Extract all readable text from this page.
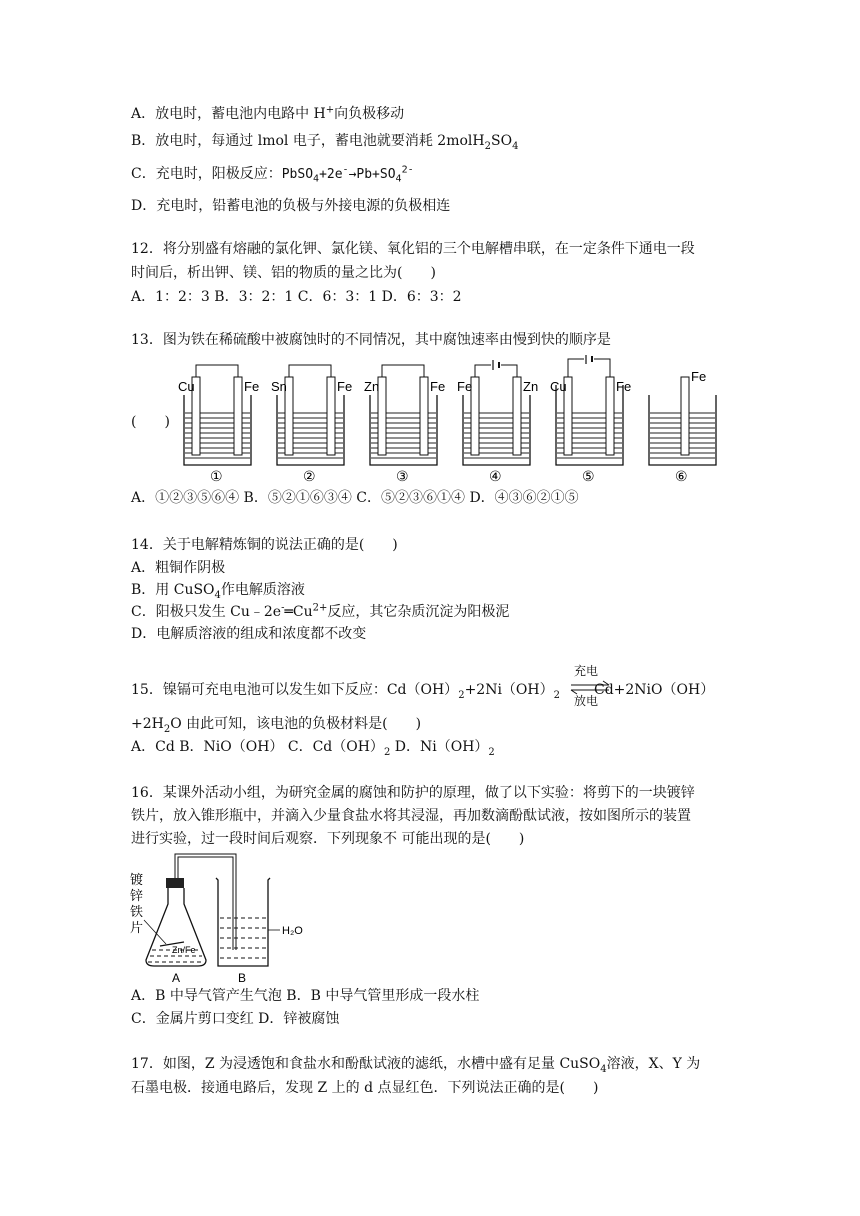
A．放电时，蓄电池内电路中 H+向负极移动
B．放电时，每通过 lmol 电子，蓄电池就要消耗 $2molH_2SO_4$
C．充电时，阳极反应：$PbSO_4+2e^-\to Pb+SO_4^{2-}$
D．充电时，铅蓄电池的负极与外接电源的负极相连
12．将分别盛有熔融的氯化钾、氯化镁、氧化铝的三个电解槽串联，在一定条件下通电一段
时间后，析出钾、镁、铝的物质的量之比为(　　)
A．1：2：3 B．3：2：1 C．6：3：1 D．6：3：2
13．图为铁在稀硫酸中被腐蚀时的不同情况，其中腐蚀速率由慢到快的顺序是
(　　)
Cu	Fe
①
Sn	Fe
②
Zn	Fe
③
Fe	Zn
④
Cu	Fe
⑤
Fe
⑥
A．①②③⑤⑥④ B．⑤②①⑥③④ C．⑤②③⑥①④ D．④③⑥②①⑤
14．关于电解精炼铜的说法正确的是(　　)
A．粗铜作阴极
B．用 CuSO$_4$作电解质溶液
C．阳极只发生 $Cu﹣2e^-═Cu^{2+}$反应，其它杂质沉淀为阳极泥
D．电解质溶液的组成和浓度都不改变
15．镍镉可充电电池可以发生如下反应：$Cd(OH)_2+2Ni(OH)_2$ Cd+2NiO（OH）
充电
放电
$+2H_2O$ 由此可知，该电池的负极材料是(　　)
A．Cd B．NiO（OH） C．$Cd(OH)_2$ D．$Ni(OH)_2$
16．某课外活动小组，为研究金属的腐蚀和防护的原理，做了以下实验：将剪下的一块镀锌
铁片，放入锥形瓶中，并滴入少量食盐水将其浸湿，再加数滴酚酞试液，按如图所示的装置
进行实验，过一段时间后观察．下列现象不 可能出现的是(　　)
镀
锌
铁
片
Zn/Fe
H₂O
A	B
A．B 中导气管产生气泡 B．B 中导气管里形成一段水柱
C．金属片剪口变红 D．锌被腐蚀
17．如图，Z 为浸透饱和食盐水和酚酞试液的滤纸，水槽中盛有足量 CuSO$_4$溶液，X、Y 为
石墨电极．接通电路后，发现 Z 上的 d 点显红色．下列说法正确的是(　　)
